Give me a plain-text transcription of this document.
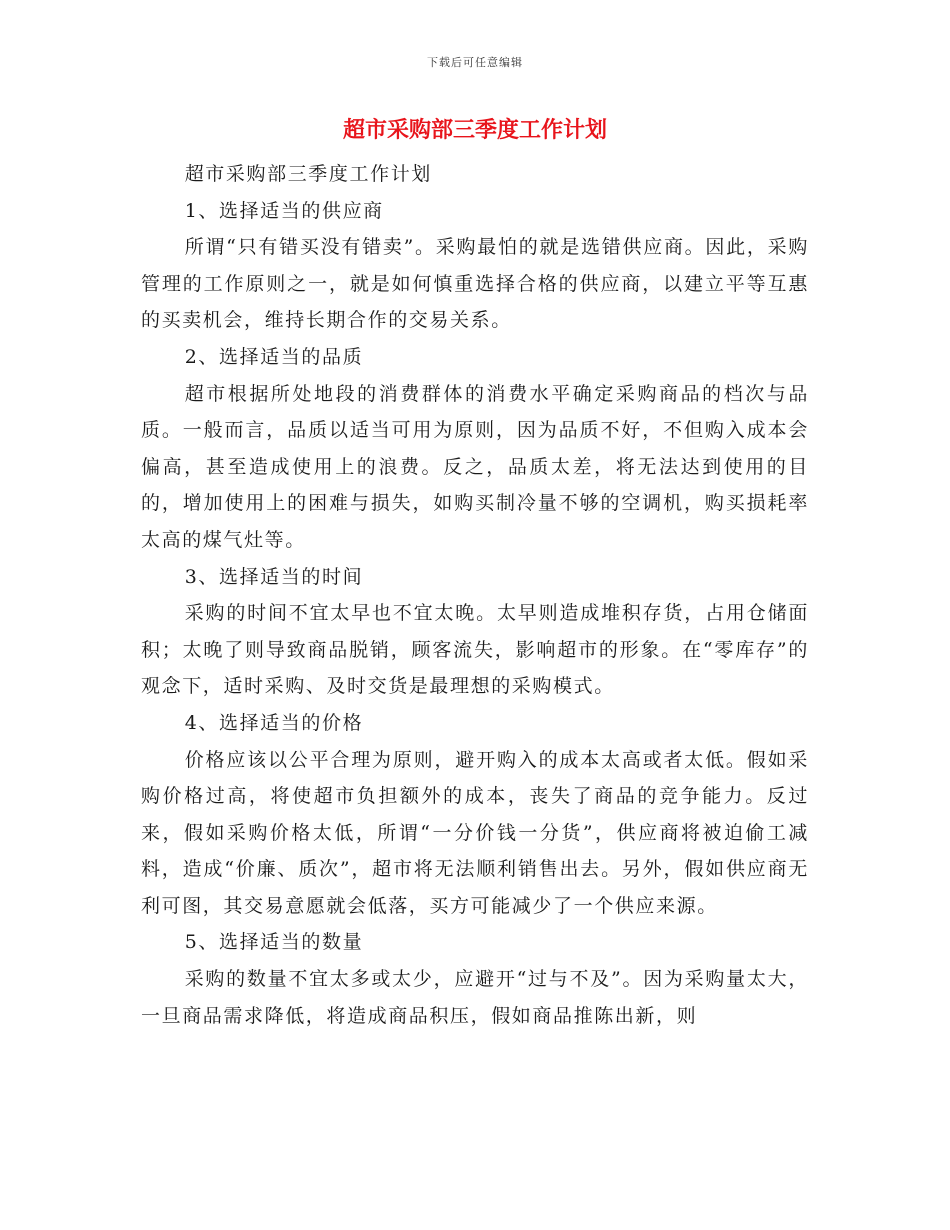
下载后可任意编辑
超市采购部三季度工作计划

超市采购部三季度工作计划

1、选择适当的供应商

所谓“只有错买没有错卖”。采购最怕的就是选错供应商。因此，采购管理的工作原则之一，就是如何慎重选择合格的供应商，以建立平等互惠的买卖机会，维持长期合作的交易关系。

2、选择适当的品质

超市根据所处地段的消费群体的消费水平确定采购商品的档次与品质。一般而言，品质以适当可用为原则，因为品质不好，不但购入成本会偏高，甚至造成使用上的浪费。反之，品质太差，将无法达到使用的目的，增加使用上的困难与损失，如购买制冷量不够的空调机，购买损耗率太高的煤气灶等。

3、选择适当的时间

采购的时间不宜太早也不宜太晚。太早则造成堆积存货，占用仓储面积；太晚了则导致商品脱销，顾客流失，影响超市的形象。在“零库存”的观念下，适时采购、及时交货是最理想的采购模式。

4、选择适当的价格

价格应该以公平合理为原则，避开购入的成本太高或者太低。假如采购价格过高，将使超市负担额外的成本，丧失了商品的竞争能力。反过来，假如采购价格太低，所谓“一分价钱一分货”，供应商将被迫偷工减料，造成“价廉、质次”，超市将无法顺利销售出去。另外，假如供应商无利可图，其交易意愿就会低落，买方可能减少了一个供应来源。

5、选择适当的数量

采购的数量不宜太多或太少，应避开“过与不及”。因为采购量太大，一旦商品需求降低，将造成商品积压，假如商品推陈出新，则
